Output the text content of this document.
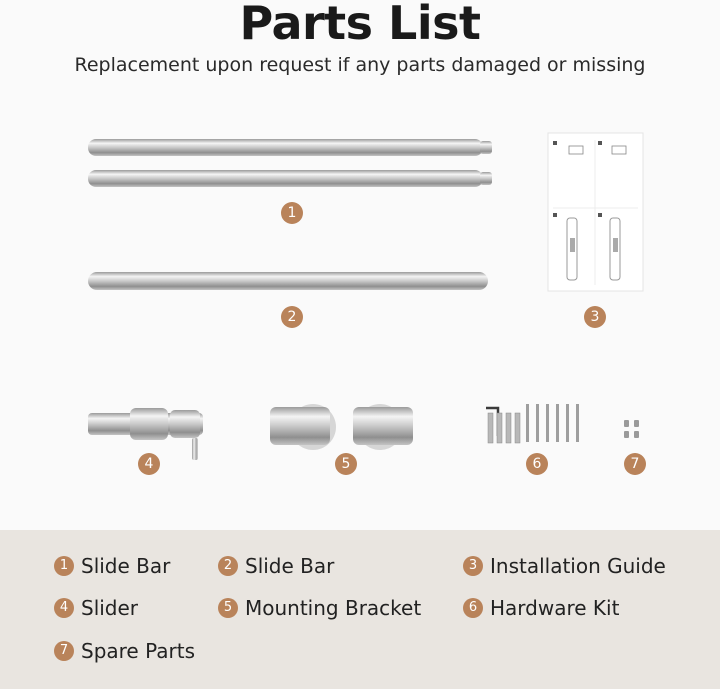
Parts List
Replacement upon request if any parts damaged or missing
1
2	3
4	5	6	7
1 Slide Bar	2 Slide Bar	3 Installation Guide
4 Slider	5 Mounting Bracket	6 Hardware Kit
7 Spare Parts
